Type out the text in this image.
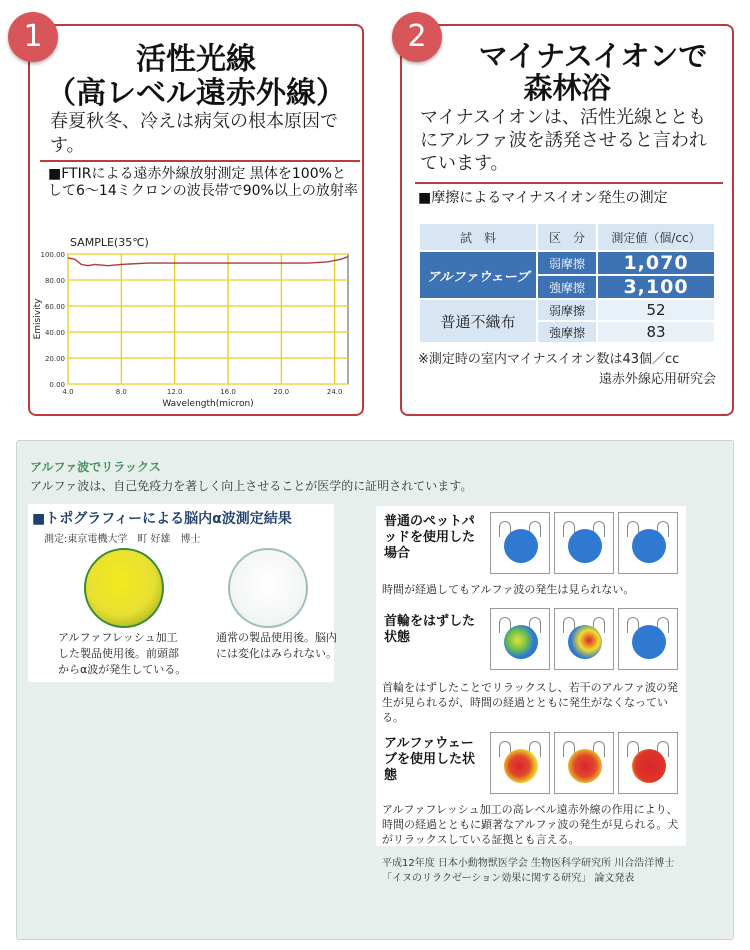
1
活性光線
（高レベル遠赤外線）
春夏秋冬、冷えは病気の根本原因です。
■FTIRによる遠赤外線放射測定 黒体を100%として6～14ミクロンの波長帯で90%以上の放射率
0.00
20.00
40.00
60.00
80.00
100.00
4.0	8.0	12.0	16.0	20.0	24.0
SAMPLE(35℃)
Wavelength(micron)
Emisivity
2
マイナスイオンで
森林浴
マイナスイオンは、活性光線とともにアルファ波を誘発させると言われています。
■摩擦によるマイナスイオン発生の測定
試　料	区　分	測定値（個/cc）
アルファウェーブ	弱摩擦	1,070
	強摩擦	3,100
普通不織布	弱摩擦	52
	強摩擦	83
※測定時の室内マイナスイオン数は43個／cc
遠赤外線応用研究会
アルファ波でリラックス
アルファ波は、自己免疫力を著しく向上させることが医学的に証明されています。
■トポグラフィーによる脳内α波測定結果
測定:東京電機大学　町 好雄　博士
アルファフレッシュ加工した製品使用後。前頭部からα波が発生している。
通常の製品使用後。脳内には変化はみられない。
普通のペットパッドを使用した場合
時間が経過してもアルファ波の発生は見られない。
首輪をはずした状態
首輪をはずしたことでリラックスし、若干のアルファ波の発生が見られるが、時間の経過とともに発生がなくなっている。
アルファウェーブを使用した状態
アルファフレッシュ加工の高レベル遠赤外線の作用により、時間の経過とともに顕著なアルファ波の発生が見られる。犬がリラックスしている証拠とも言える。
平成12年度 日本小動物獣医学会 生物医科学研究所 川合浩洋博士 「イヌのリラクゼーション効果に関する研究」 論文発表
